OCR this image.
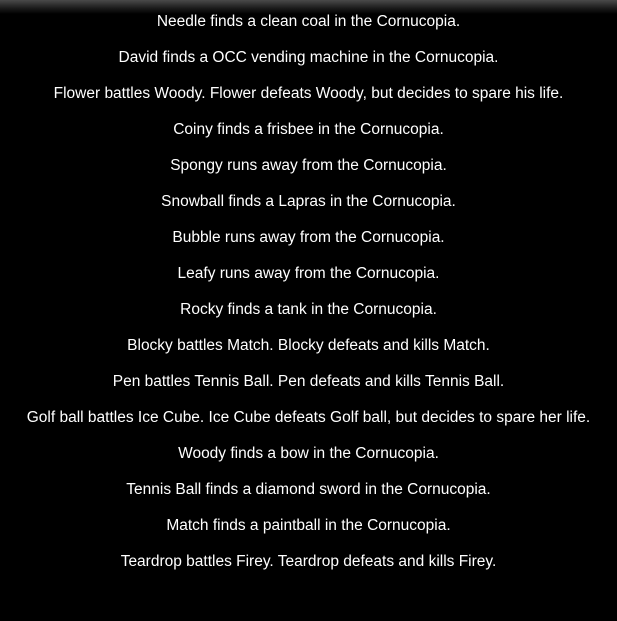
Needle finds a clean coal in the Cornucopia.
David finds a OCC vending machine in the Cornucopia.
Flower battles Woody. Flower defeats Woody, but decides to spare his life.
Coiny finds a frisbee in the Cornucopia.
Spongy runs away from the Cornucopia.
Snowball finds a Lapras in the Cornucopia.
Bubble runs away from the Cornucopia.
Leafy runs away from the Cornucopia.
Rocky finds a tank in the Cornucopia.
Blocky battles Match. Blocky defeats and kills Match.
Pen battles Tennis Ball. Pen defeats and kills Tennis Ball.
Golf ball battles Ice Cube. Ice Cube defeats Golf ball, but decides to spare her life.
Woody finds a bow in the Cornucopia.
Tennis Ball finds a diamond sword in the Cornucopia.
Match finds a paintball in the Cornucopia.
Teardrop battles Firey. Teardrop defeats and kills Firey.
